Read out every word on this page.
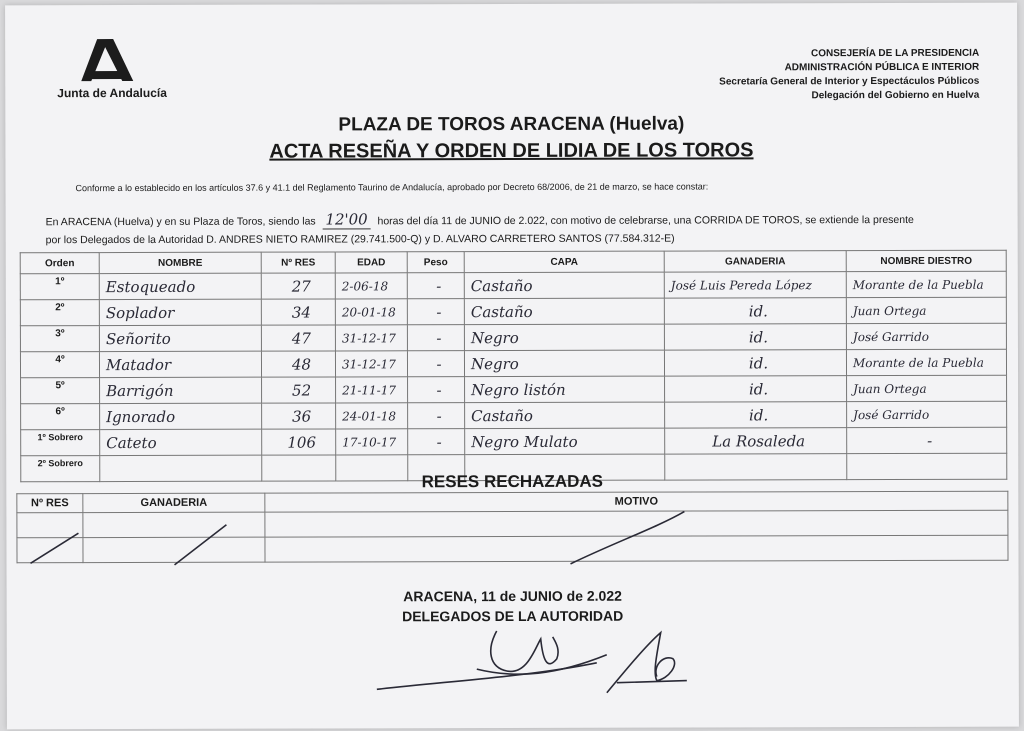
Junta de Andalucía
CONSEJERÍA DE LA PRESIDENCIA
ADMINISTRACIÓN PÚBLICA E INTERIOR
Secretaría General de Interior y Espectáculos Públicos
Delegación del Gobierno en Huelva
PLAZA DE TOROS ARACENA (Huelva)
ACTA RESEÑA Y ORDEN DE LIDIA DE LOS TOROS
Conforme a lo establecido en los artículos 37.6 y 41.1 del Reglamento Taurino de Andalucía, aprobado por Decreto 68/2006, de 21 de marzo, se hace constar:
En ARACENA (Huelva) y en su Plaza de Toros, siendo las 12'00 horas del día 11 de JUNIO de 2.022, con motivo de celebrarse, una CORRIDA DE TOROS, se extiende la presente
por los Delegados de la Autoridad D. ANDRES NIETO RAMIREZ (29.741.500-Q) y D. ALVARO CARRETERO SANTOS (77.584.312-E)
Orden	NOMBRE	Nº RES	EDAD	Peso	CAPA	GANADERIA	NOMBRE DIESTRO
1º	Estoqueado	27	2-06-18	-	Castaño	José Luis Pereda López	Morante de la Puebla
2º	Soplador	34	20-01-18	-	Castaño	id.	Juan Ortega
3º	Señorito	47	31-12-17	-	Negro	id.	José Garrido
4º	Matador	48	31-12-17	-	Negro	id.	Morante de la Puebla
5º	Barrigón	52	21-11-17	-	Negro listón	id.	Juan Ortega
6º	Ignorado	36	24-01-18	-	Castaño	id.	José Garrido
1º Sobrero	Cateto	106	17-10-17	-	Negro Mulato	La Rosaleda	-
2º Sobrero							
RESES RECHAZADAS
Nº RES	GANADERIA	MOTIVO

ARACENA, 11 de JUNIO de 2.022
DELEGADOS DE LA AUTORIDAD
